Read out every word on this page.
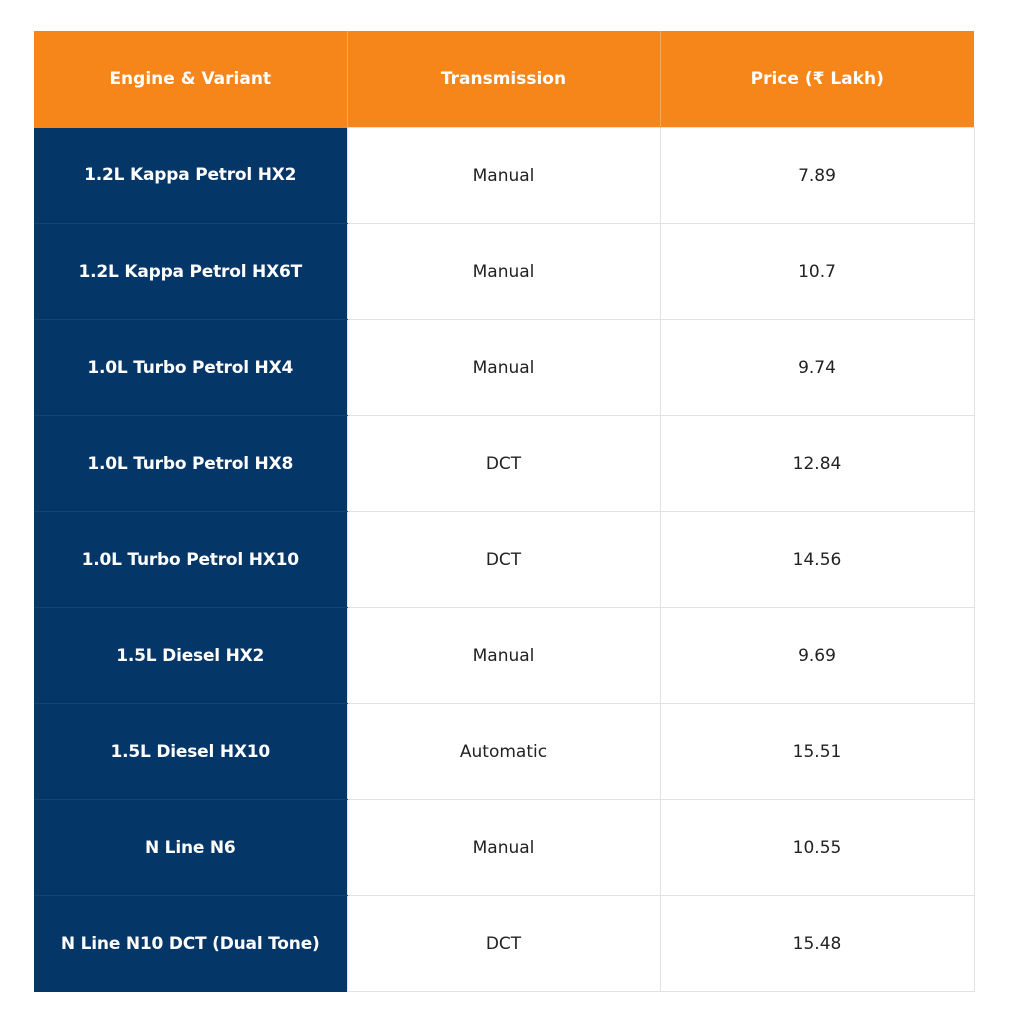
Engine & Variant	Transmission	Price (₹ Lakh)
1.2L Kappa Petrol HX2	Manual	7.89
1.2L Kappa Petrol HX6T	Manual	10.7
1.0L Turbo Petrol HX4	Manual	9.74
1.0L Turbo Petrol HX8	DCT	12.84
1.0L Turbo Petrol HX10	DCT	14.56
1.5L Diesel HX2	Manual	9.69
1.5L Diesel HX10	Automatic	15.51
N Line N6	Manual	10.55
N Line N10 DCT (Dual Tone)	DCT	15.48
